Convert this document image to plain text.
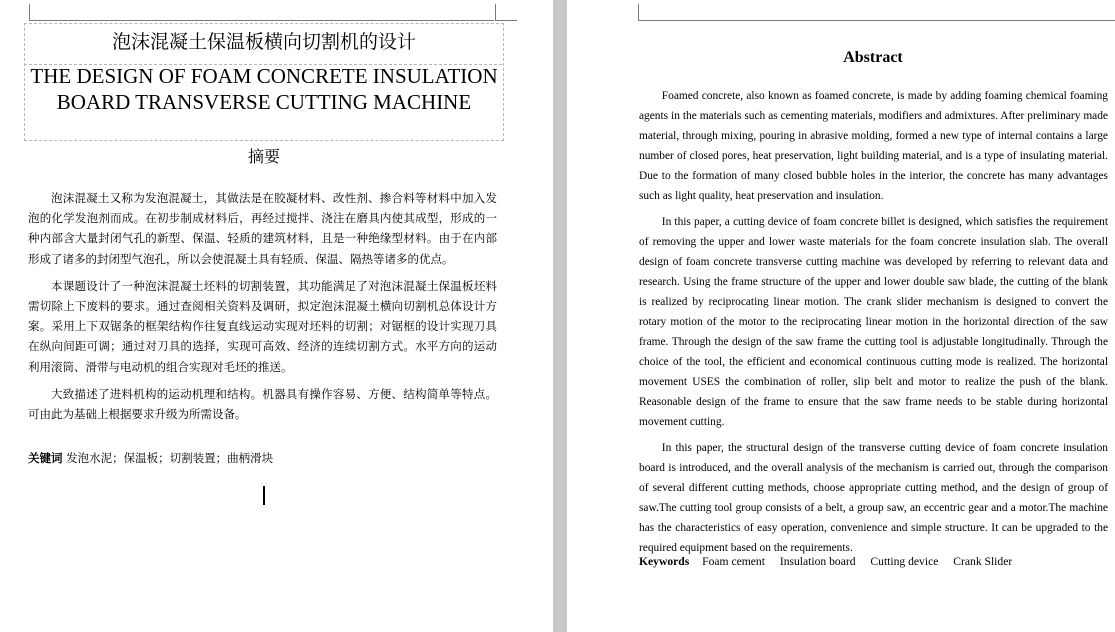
泡沫混凝土保温板横向切割机的设计
THE DESIGN OF FOAM CONCRETE INSULATION BOARD TRANSVERSE CUTTING MACHINE
摘要

泡沫混凝土又称为发泡混凝土，其做法是在胶凝材料、改性剂、掺合料等材料中加入发泡的化学发泡剂而成。在初步制成材料后，再经过搅拌、浇注在磨具内使其成型，形成的一种内部含大量封闭气孔的新型、保温、轻质的建筑材料，且是一种绝缘型材料。由于在内部形成了诸多的封闭型气泡孔，所以会使混凝土具有轻质、保温、隔热等诸多的优点。

本课题设计了一种泡沫混凝土坯料的切割装置，其功能满足了对泡沫混凝土保温板坯料需切除上下废料的要求。通过查阅相关资料及调研，拟定泡沫混凝土横向切割机总体设计方案。采用上下双锯条的框架结构作往复直线运动实现对坯料的切割；对锯框的设计实现刀具在纵向间距可调；通过对刀具的选择，实现可高效、经济的连续切割方式。水平方向的运动利用滚筒、滑带与电动机的组合实现对毛坯的推送。

大致描述了进料机构的运动机理和结构。机器具有操作容易、方便、结构简单等特点。可由此为基础上根据要求升级为所需设备。

关键词 发泡水泥；保温板；切割装置；曲柄滑块
Abstract

Foamed concrete, also known as foamed concrete, is made by adding foaming chemical foaming agents in the materials such as cementing materials, modifiers and admixtures. After preliminary made material, through mixing, pouring in abrasive molding, formed a new type of internal contains a large number of closed pores, heat preservation, light building material, and is a type of insulating material. Due to the formation of many closed bubble holes in the interior, the concrete has many advantages such as light quality, heat preservation and insulation.

In this paper, a cutting device of foam concrete billet is designed, which satisfies the requirement of removing the upper and lower waste materials for the foam concrete insulation slab. The overall design of foam concrete transverse cutting machine was developed by referring to relevant data and research. Using the frame structure of the upper and lower double saw blade, the cutting of the blank is realized by reciprocating linear motion. The crank slider mechanism is designed to convert the rotary motion of the motor to the reciprocating linear motion in the horizontal direction of the saw frame. Through the design of the saw frame the cutting tool is adjustable longitudinally. Through the choice of the tool, the efficient and economical continuous cutting mode is realized. The horizontal movement USES the combination of roller, slip belt and motor to realize the push of the blank. Reasonable design of the frame to ensure that the saw frame needs to be stable during horizontal movement cutting.

In this paper, the structural design of the transverse cutting device of foam concrete insulation board is introduced, and the overall analysis of the mechanism is carried out, through the comparison of several different cutting methods, choose appropriate cutting method, and the design of group of saw.The cutting tool group consists of a belt, a group saw, an eccentric gear and a motor.The machine has the characteristics of easy operation, convenience and simple structure. It can be upgraded to the required equipment based on the requirements.

Keywords Foam cement Insulation board Cutting device Crank Slider
